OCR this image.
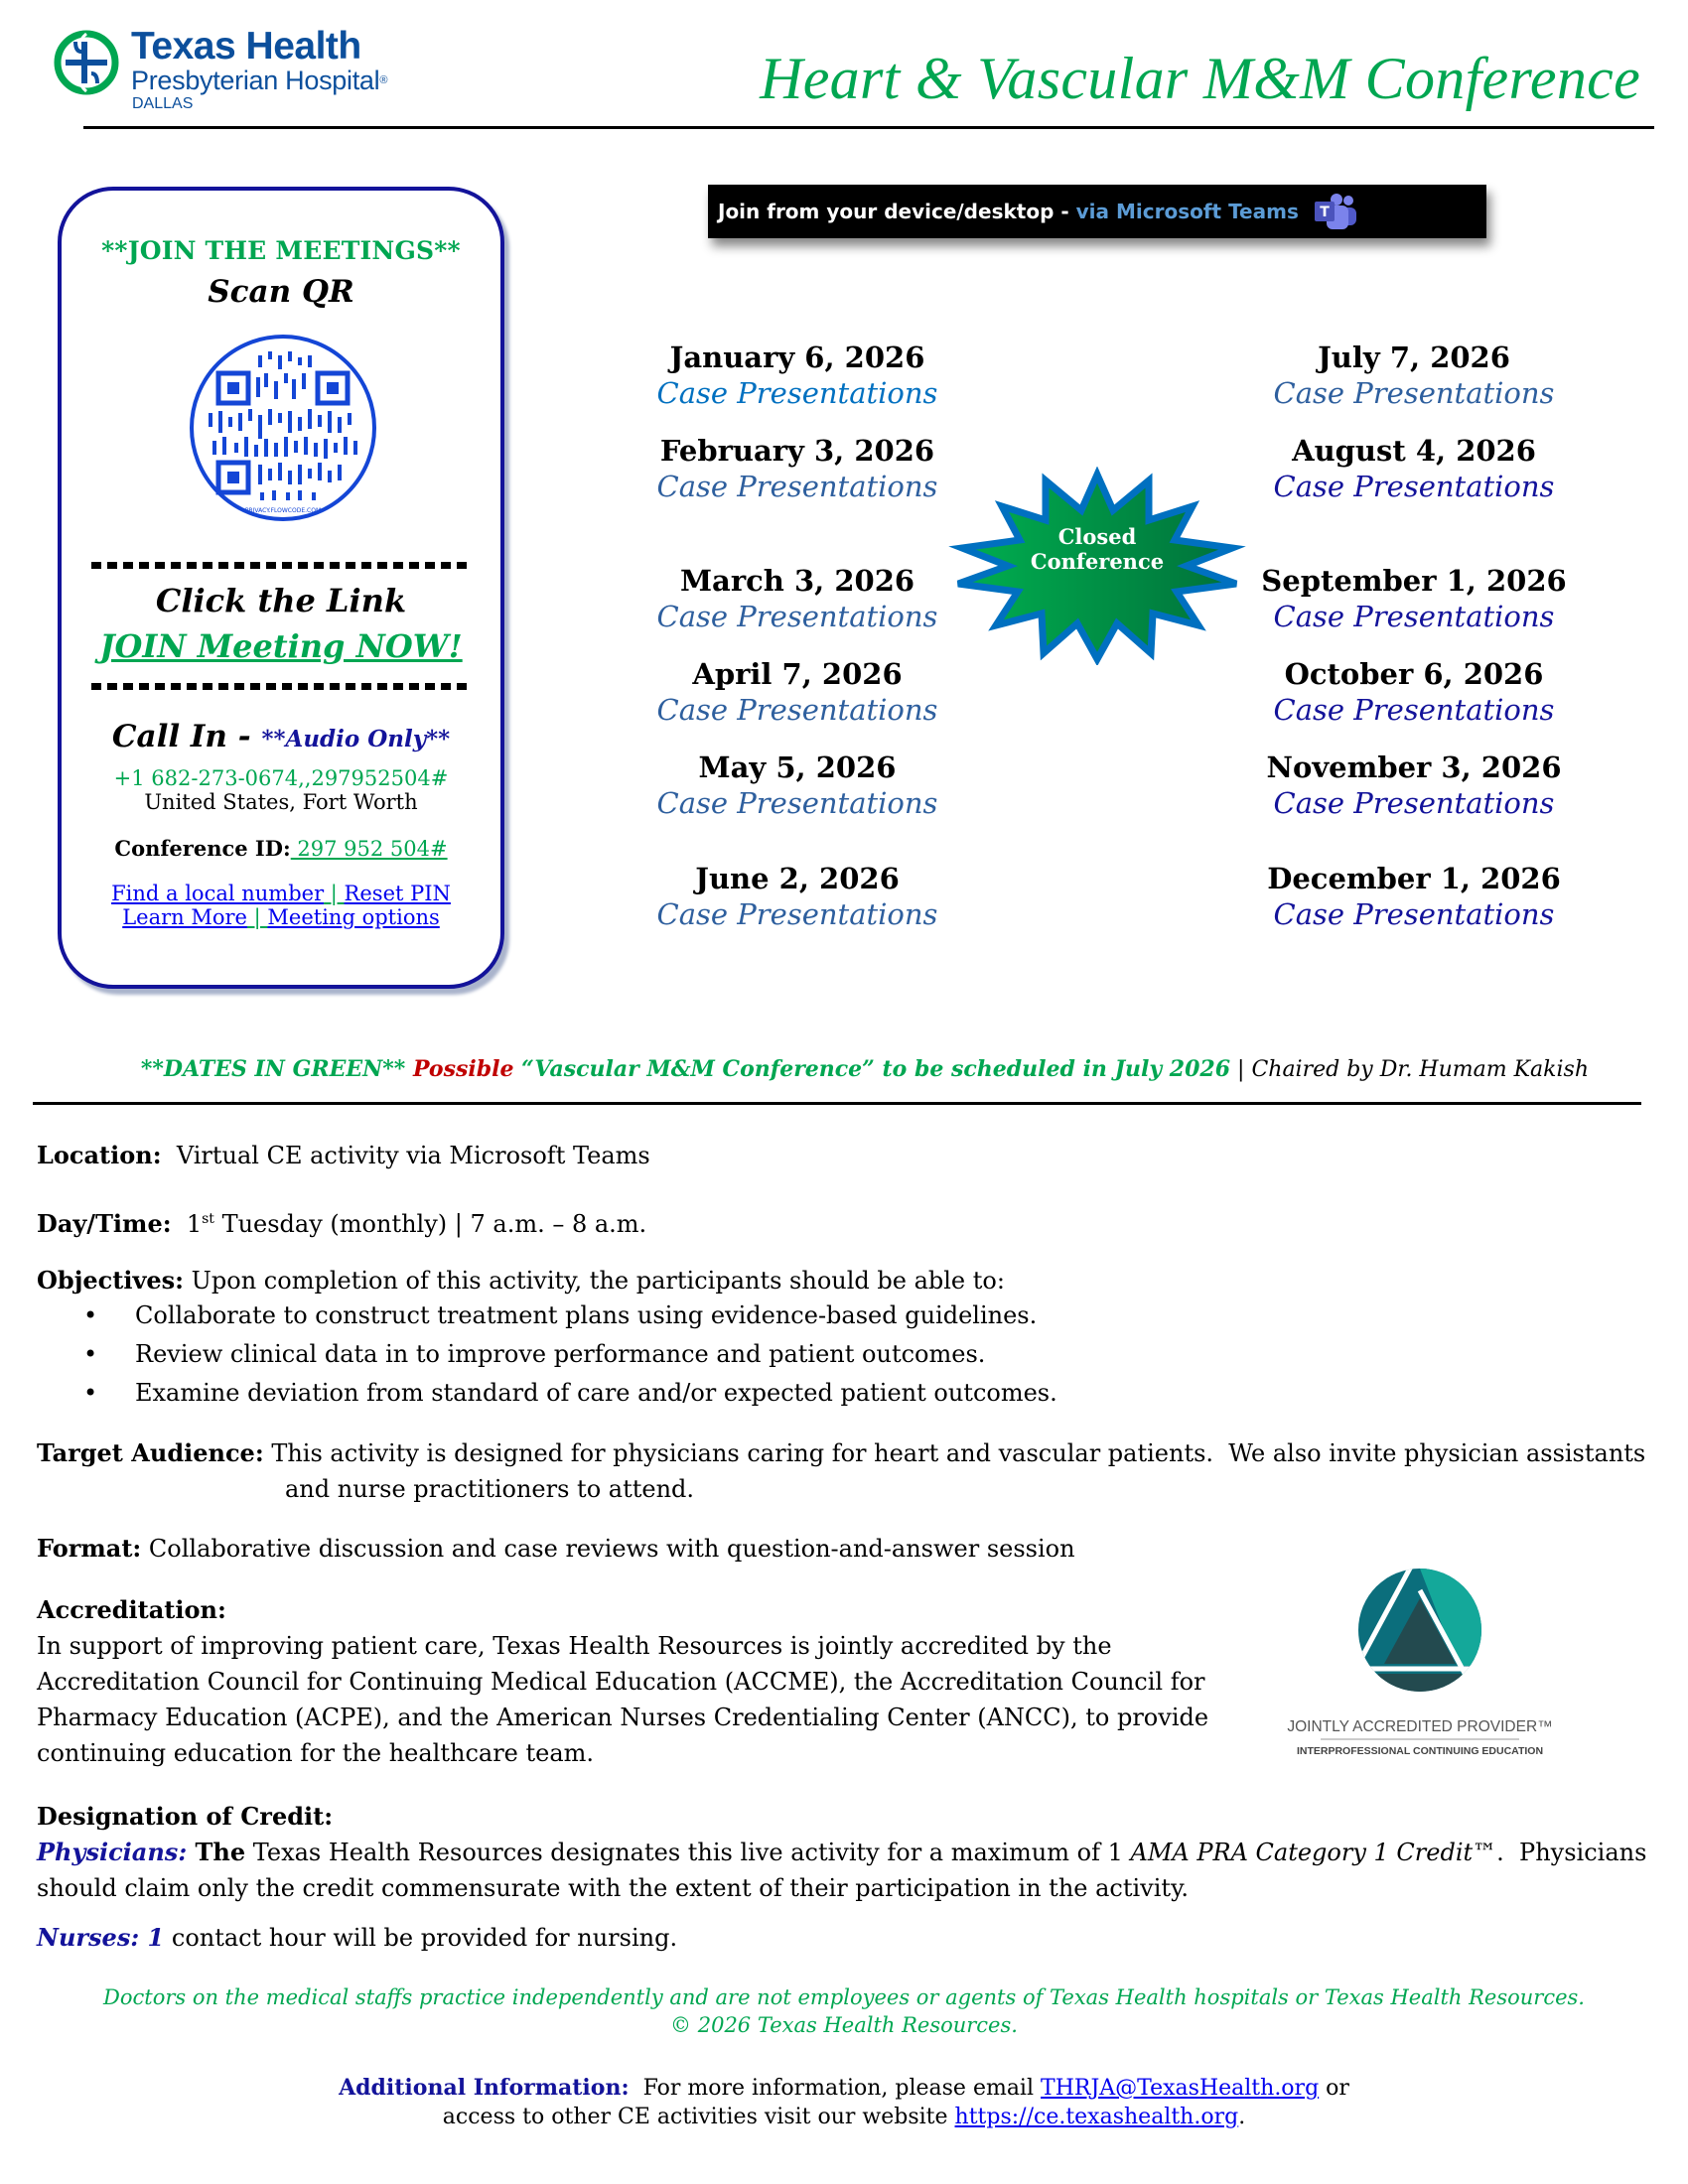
Texas Health
Presbyterian Hospital®
DALLAS	Heart & Vascular M&M Conference
**JOIN THE MEETINGS**
Scan QR
PRIVACY.FLOWCODE.COM
Click the Link
JOIN Meeting NOW!
Call In - **Audio Only**
+1 682-273-0674,,297952504#
United States, Fort Worth
Conference ID: 297 952 504#
Find a local number | Reset PIN
Learn More | Meeting options
Join from your device/desktop - via Microsoft Teams T
January 6, 2026
Case Presentations
February 3, 2026
Case Presentations
March 3, 2026
Case Presentations
April 7, 2026
Case Presentations
May 5, 2026
Case Presentations
June 2, 2026
Case Presentations
July 7, 2026
Case Presentations
August 4, 2026
Case Presentations
September 1, 2026
Case Presentations
October 6, 2026
Case Presentations
November 3, 2026
Case Presentations
December 1, 2026
Case Presentations
Closed
Conference
**DATES IN GREEN** Possible “Vascular M&M Conference” to be scheduled in July 2026 | Chaired by Dr. Humam Kakish
Location:  Virtual CE activity via Microsoft Teams
Day/Time: 1st Tuesday (monthly) | 7 a.m. – 8 a.m.
Objectives: Upon completion of this activity, the participants should be able to:
• Collaborate to construct treatment plans using evidence-based guidelines.
• Review clinical data in to improve performance and patient outcomes.
• Examine deviation from standard of care and/or expected patient outcomes.
Target Audience: This activity is designed for physicians caring for heart and vascular patients.  We also invite physician assistants
and nurse practitioners to attend.
Format: Collaborative discussion and case reviews with question-and-answer session
Accreditation:
In support of improving patient care, Texas Health Resources is jointly accredited by the
Accreditation Council for Continuing Medical Education (ACCME), the Accreditation Council for
Pharmacy Education (ACPE), and the American Nurses Credentialing Center (ANCC), to provide
continuing education for the healthcare team.
JOINTLY ACCREDITED PROVIDER™
INTERPROFESSIONAL CONTINUING EDUCATION
Designation of Credit:
Physicians: The Texas Health Resources designates this live activity for a maximum of 1 AMA PRA Category 1 Credit™.  Physicians
should claim only the credit commensurate with the extent of their participation in the activity.
Nurses: 1 contact hour will be provided for nursing.
Doctors on the medical staffs practice independently and are not employees or agents of Texas Health hospitals or Texas Health Resources.
© 2026 Texas Health Resources.
Additional Information:  For more information, please email THRJA@TexasHealth.org or
access to other CE activities visit our website https://ce.texashealth.org.
